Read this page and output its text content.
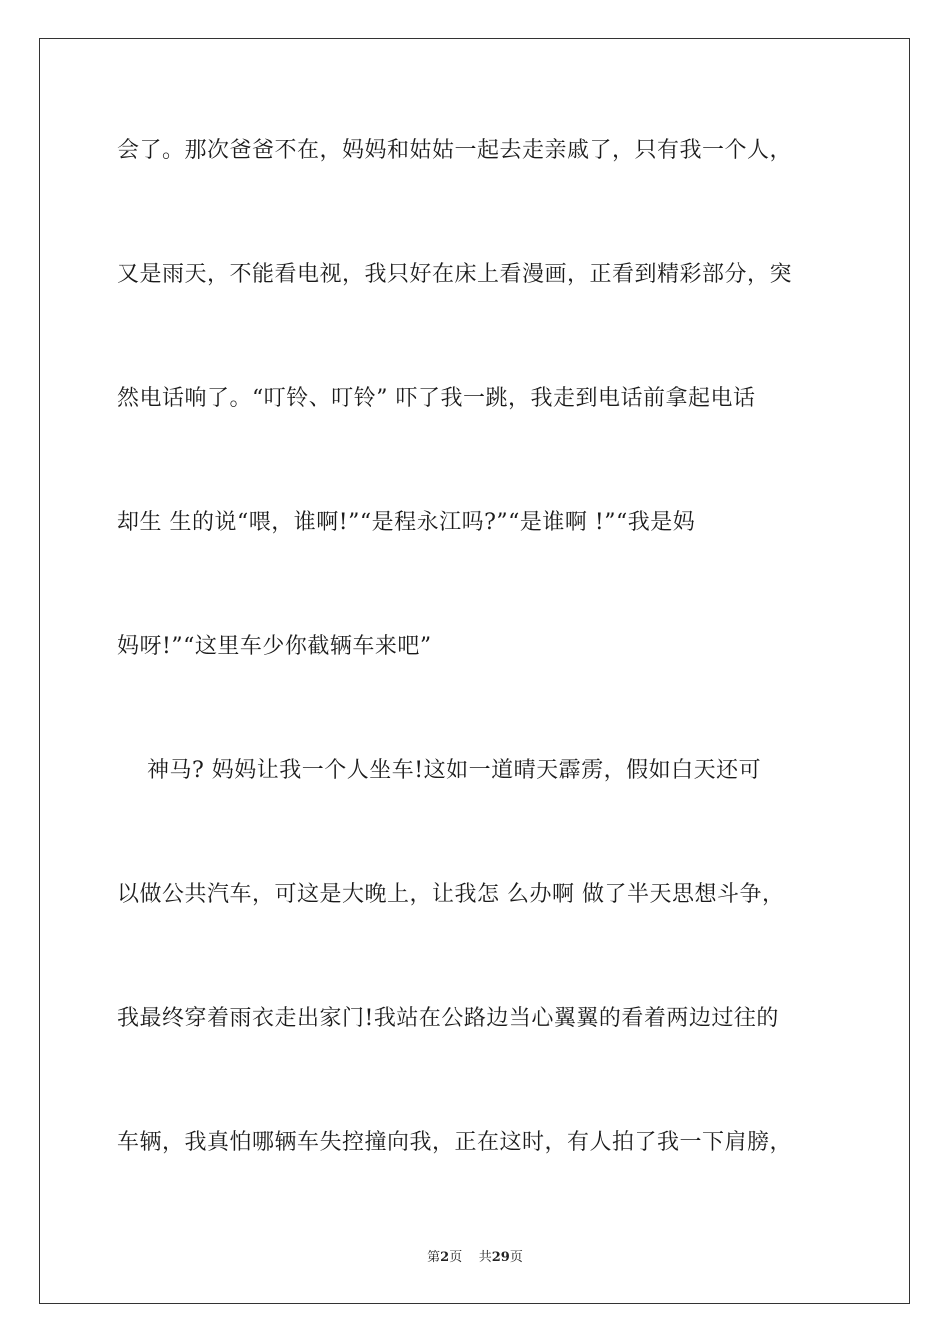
会了。那次爸爸不在，妈妈和姑姑一起去走亲戚了，只有我一个人，
又是雨天，不能看电视，我只好在床上看漫画，正看到精彩部分，突
然电话响了。“叮铃、叮铃” 吓了我一跳，我走到电话前拿起电话
却生 生的说“喂，谁啊!”“是程永江吗?”“是谁啊 !”“我是妈
妈呀!”“这里车少你截辆车来吧”
神马? 妈妈让我一个人坐车!这如一道晴天霹雳，假如白天还可
以做公共汽车，可这是大晚上，让我怎 么办啊 做了半天思想斗争，
我最终穿着雨衣走出家门!我站在公路边当心翼翼的看着两边过往的
车辆，我真怕哪辆车失控撞向我，正在这时，有人拍了我一下肩膀，
第2页 共29页
